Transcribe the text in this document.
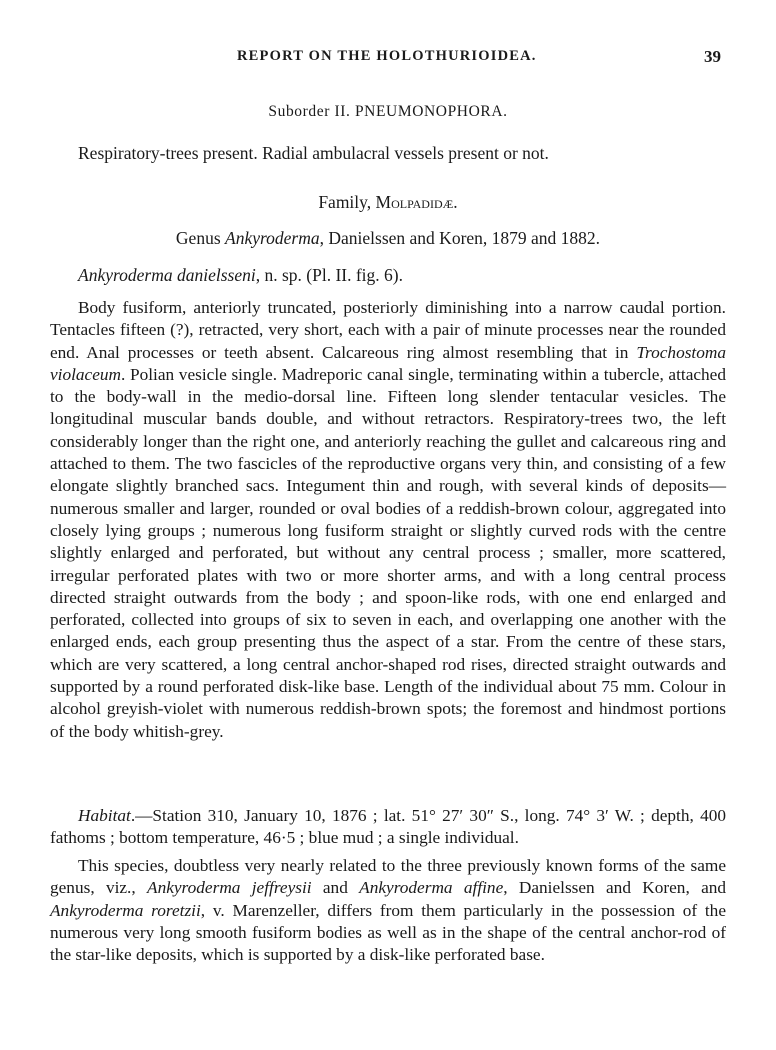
REPORT ON THE HOLOTHURIOIDEA.	39
Suborder II. PNEUMONOPHORA.
Respiratory-trees present. Radial ambulacral vessels present or not.
Family, Molpadidæ.
Genus Ankyroderma, Danielssen and Koren, 1879 and 1882.
Ankyroderma danielsseni, n. sp. (Pl. II. fig. 6).

Body fusiform, anteriorly truncated, posteriorly diminishing into a narrow caudal portion. Tentacles fifteen (?), retracted, very short, each with a pair of minute processes near the rounded end. Anal processes or teeth absent. Calcareous ring almost resembling that in Trochostoma violaceum. Polian vesicle single. Madreporic canal single, terminating within a tubercle, attached to the body-wall in the medio-dorsal line. Fifteen long slender tentacular vesicles. The longitudinal muscular bands double, and without retractors. Respiratory-trees two, the left considerably longer than the right one, and anteriorly reaching the gullet and calcareous ring and attached to them. The two fascicles of the reproductive organs very thin, and consisting of a few elongate slightly branched sacs. Integument thin and rough, with several kinds of deposits—numerous smaller and larger, rounded or oval bodies of a reddish-brown colour, aggregated into closely lying groups ; numerous long fusiform straight or slightly curved rods with the centre slightly enlarged and perforated, but without any central process ; smaller, more scattered, irregular perforated plates with two or more shorter arms, and with a long central process directed straight outwards from the body ; and spoon-like rods, with one end enlarged and perforated, collected into groups of six to seven in each, and overlapping one another with the enlarged ends, each group presenting thus the aspect of a star. From the centre of these stars, which are very scattered, a long central anchor-shaped rod rises, directed straight outwards and supported by a round perforated disk-like base. Length of the individual about 75 mm. Colour in alcohol greyish-violet with numerous reddish-brown spots; the foremost and hindmost portions of the body whitish-grey.

Habitat.—Station 310, January 10, 1876 ; lat. 51° 27′ 30″ S., long. 74° 3′ W. ; depth, 400 fathoms ; bottom temperature, 46·5 ; blue mud ; a single individual.

This species, doubtless very nearly related to the three previously known forms of the same genus, viz., Ankyroderma jeffreysii and Ankyroderma affine, Danielssen and Koren, and Ankyroderma roretzii, v. Marenzeller, differs from them particularly in the possession of the numerous very long smooth fusiform bodies as well as in the shape of the central anchor-rod of the star-like deposits, which is supported by a disk-like perforated base.
